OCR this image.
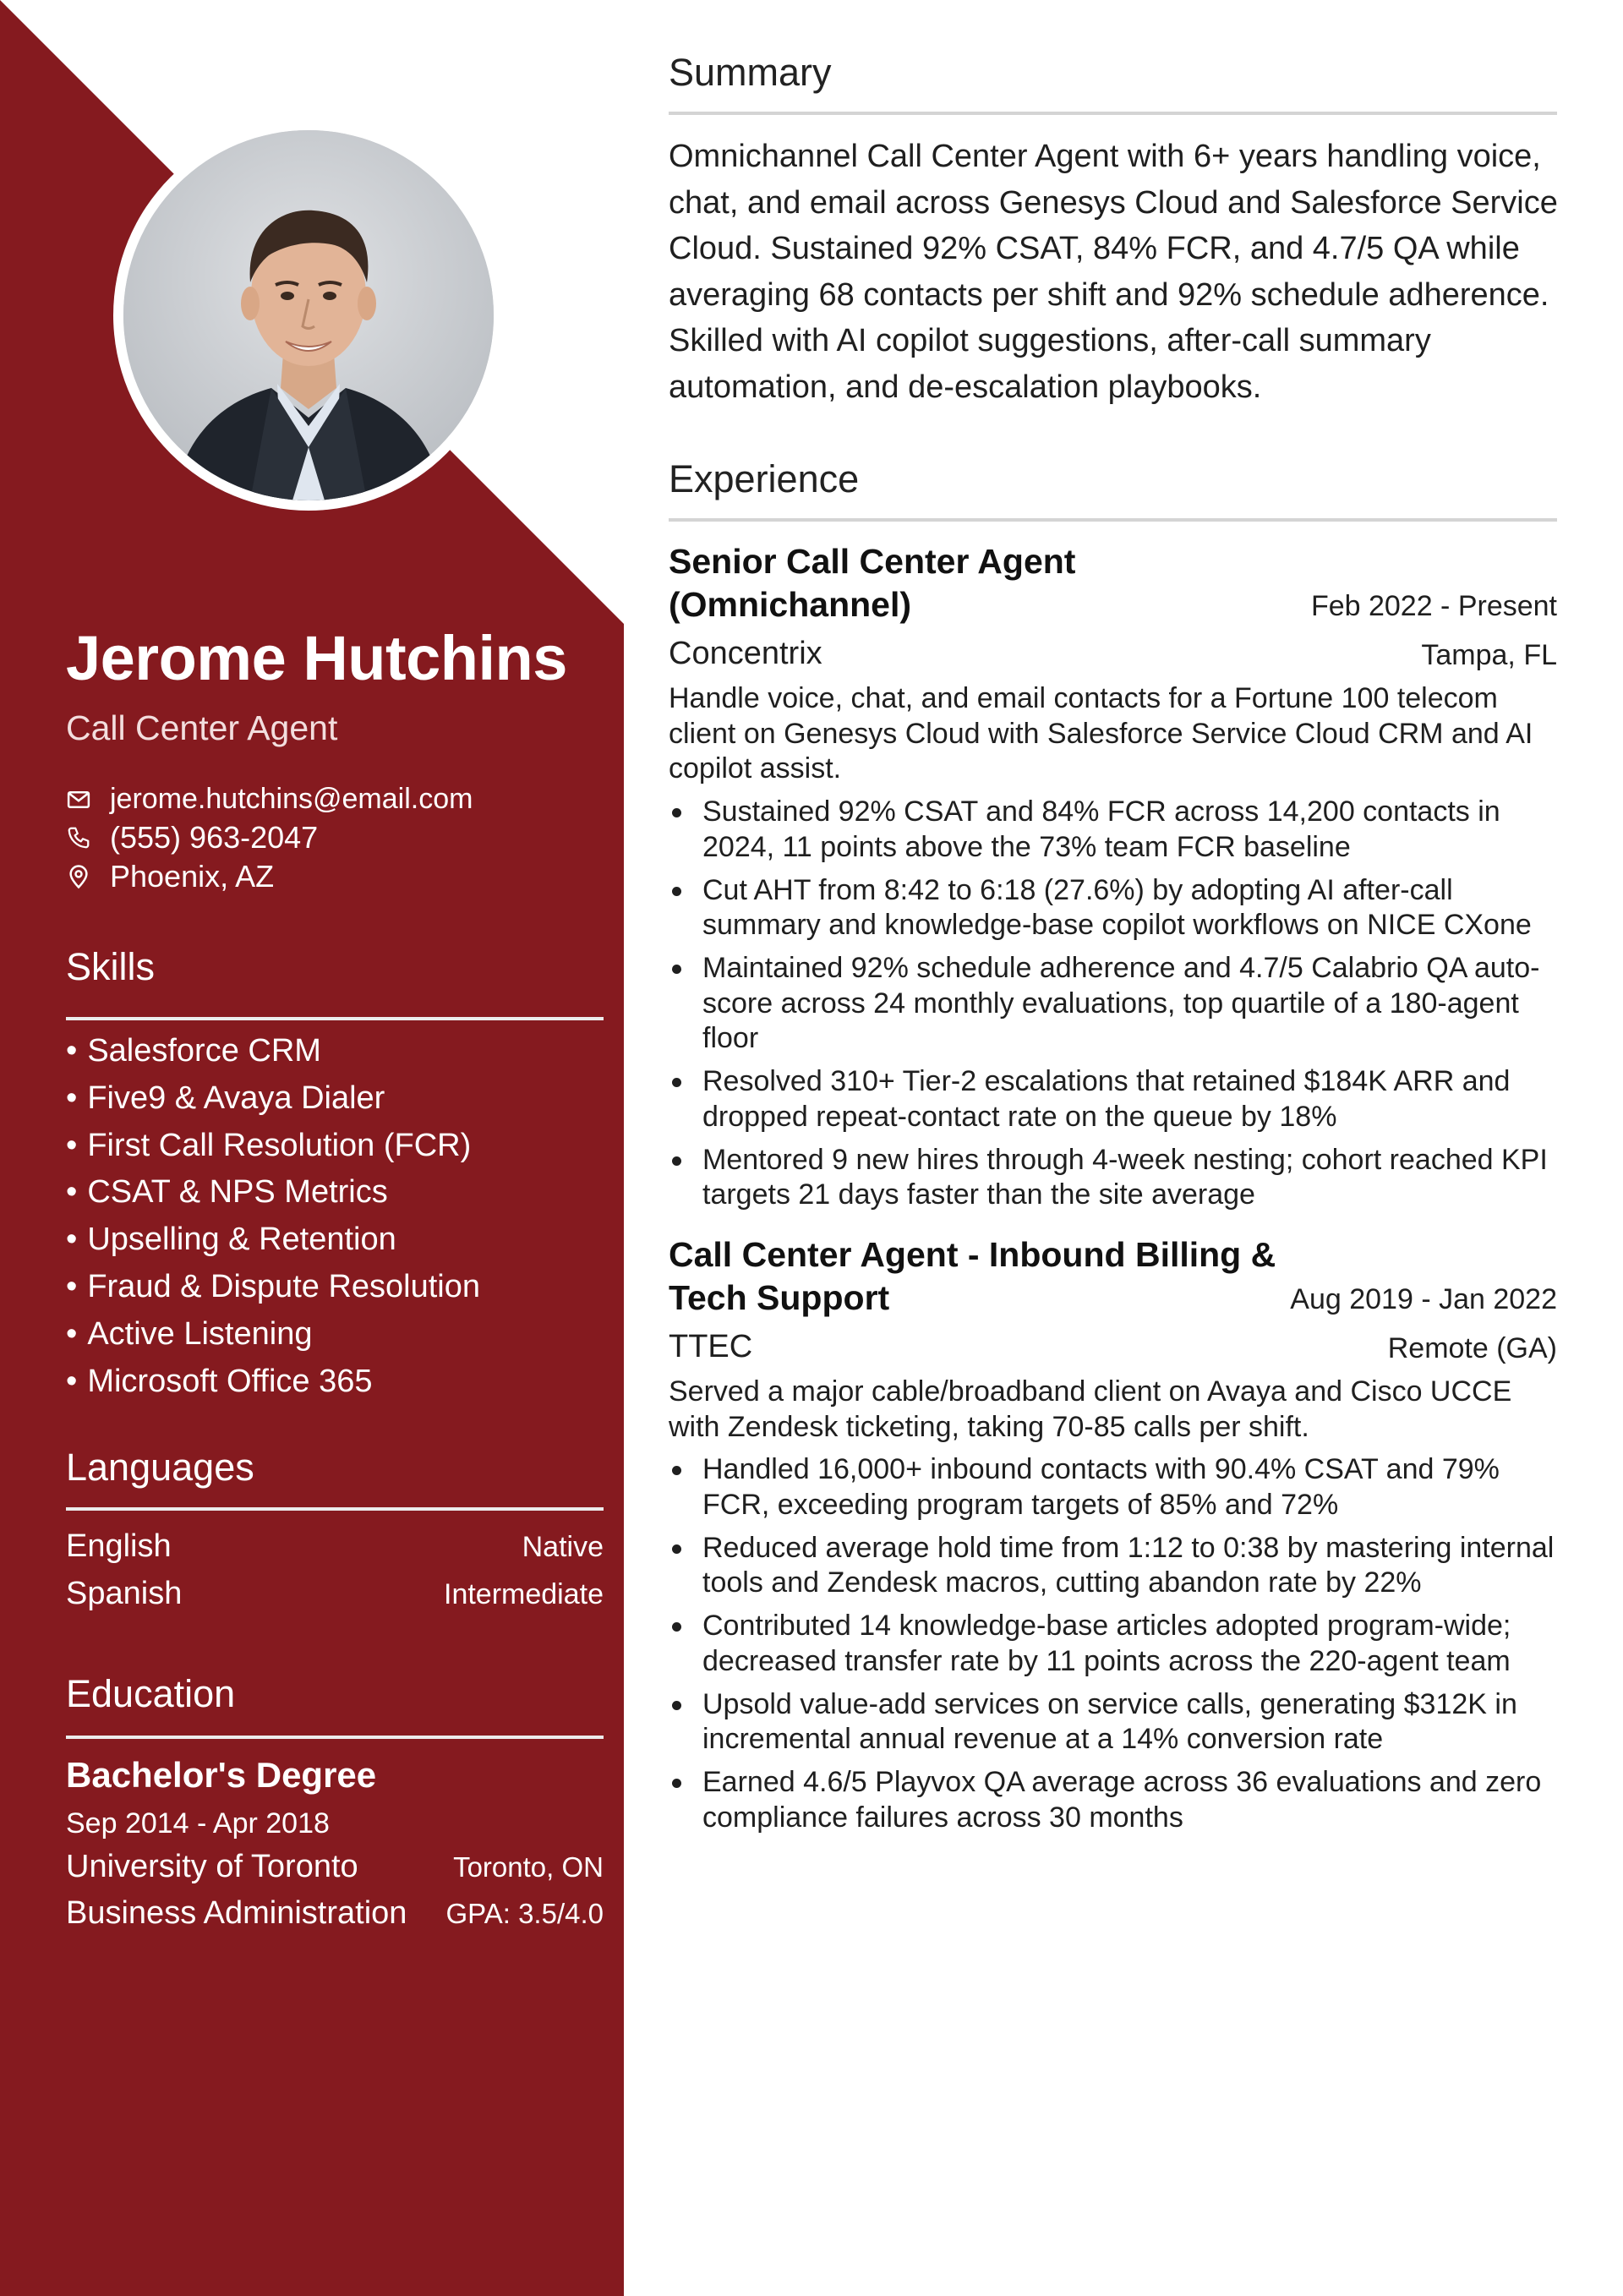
Jerome Hutchins
Call Center Agent
jerome.hutchins@email.com
(555) 963-2047
Phoenix, AZ
Skills
• Salesforce CRM
• Five9 & Avaya Dialer
• First Call Resolution (FCR)
• CSAT & NPS Metrics
• Upselling & Retention
• Fraud & Dispute Resolution
• Active Listening
• Microsoft Office 365
Languages
English	Native
Spanish	Intermediate
Education
Bachelor's Degree
Sep 2014 - Apr 2018
University of Toronto	Toronto, ON
Business Administration GPA: 3.5/4.0
Summary

Omnichannel Call Center Agent with 6+ years handling voice, chat, and email across Genesys Cloud and Salesforce Service Cloud. Sustained 92% CSAT, 84% FCR, and 4.7/5 QA while averaging 68 contacts per shift and 92% schedule adherence. Skilled with AI copilot suggestions, after-call summary automation, and de-escalation playbooks.

Experience
Senior Call Center Agent (Omnichannel)	Feb 2022 - Present
Concentrix	Tampa, FL
Handle voice, chat, and email contacts for a Fortune 100 telecom client on Genesys Cloud with Salesforce Service Cloud CRM and AI copilot assist.
Sustained 92% CSAT and 84% FCR across 14,200 contacts in 2024, 11 points above the 73% team FCR baseline
Cut AHT from 8:42 to 6:18 (27.6%) by adopting AI after-call summary and knowledge-base copilot workflows on NICE CXone
Maintained 92% schedule adherence and 4.7/5 Calabrio QA auto-score across 24 monthly evaluations, top quartile of a 180-agent floor
Resolved 310+ Tier-2 escalations that retained $184K ARR and dropped repeat-contact rate on the queue by 18%
Mentored 9 new hires through 4-week nesting; cohort reached KPI targets 21 days faster than the site average
Call Center Agent - Inbound Billing & Tech Support	Aug 2019 - Jan 2022
TTEC	Remote (GA)
Served a major cable/broadband client on Avaya and Cisco UCCE with Zendesk ticketing, taking 70-85 calls per shift.
Handled 16,000+ inbound contacts with 90.4% CSAT and 79% FCR, exceeding program targets of 85% and 72%
Reduced average hold time from 1:12 to 0:38 by mastering internal tools and Zendesk macros, cutting abandon rate by 22%
Contributed 14 knowledge-base articles adopted program-wide; decreased transfer rate by 11 points across the 220-agent team
Upsold value-add services on service calls, generating $312K in incremental annual revenue at a 14% conversion rate
Earned 4.6/5 Playvox QA average across 36 evaluations and zero compliance failures across 30 months
